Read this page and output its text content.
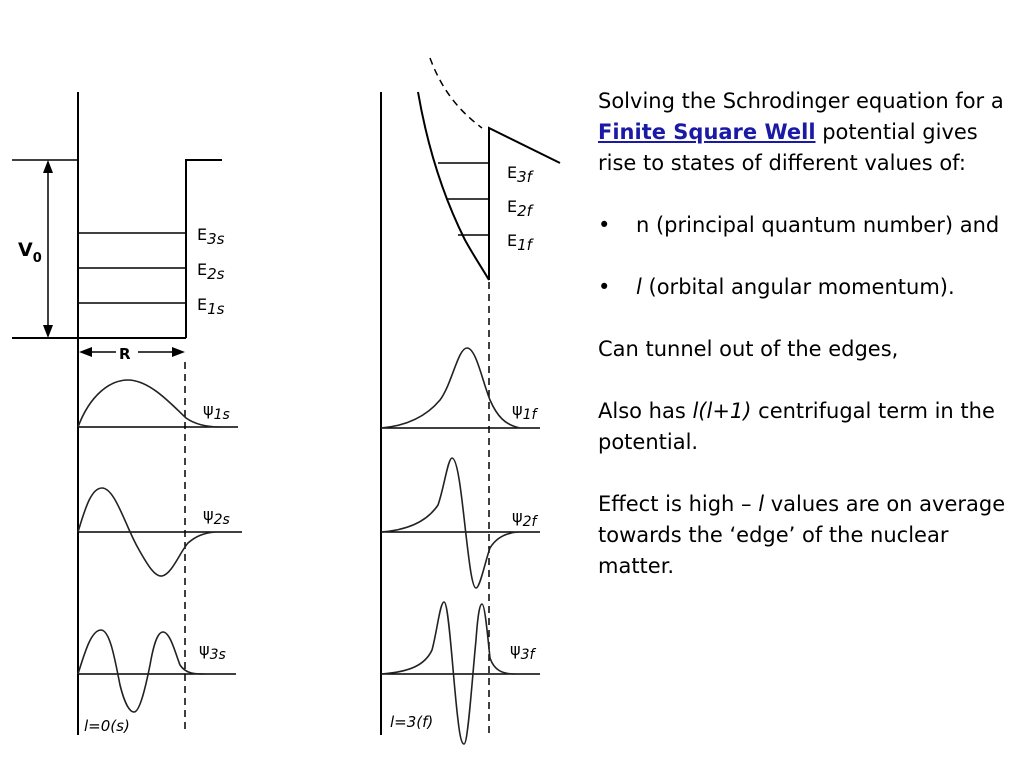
$V_0$
R
E3s
E2s
E1s
ψ1s
ψ2s
ψ3s
l=0(s)
E3f
E2f
E1f
ψ1f
ψ2f
ψ3f
l=3(f)

Solving the Schrodinger equation for a Finite Square Well potential gives rise to states of different values of:

• n (principal quantum number) and

• l (orbital angular momentum).

Can tunnel out of the edges,

Also has l(l+1) centrifugal term in the potential.

Effect is high – l values are on average towards the ‘edge’ of the nuclear matter.
